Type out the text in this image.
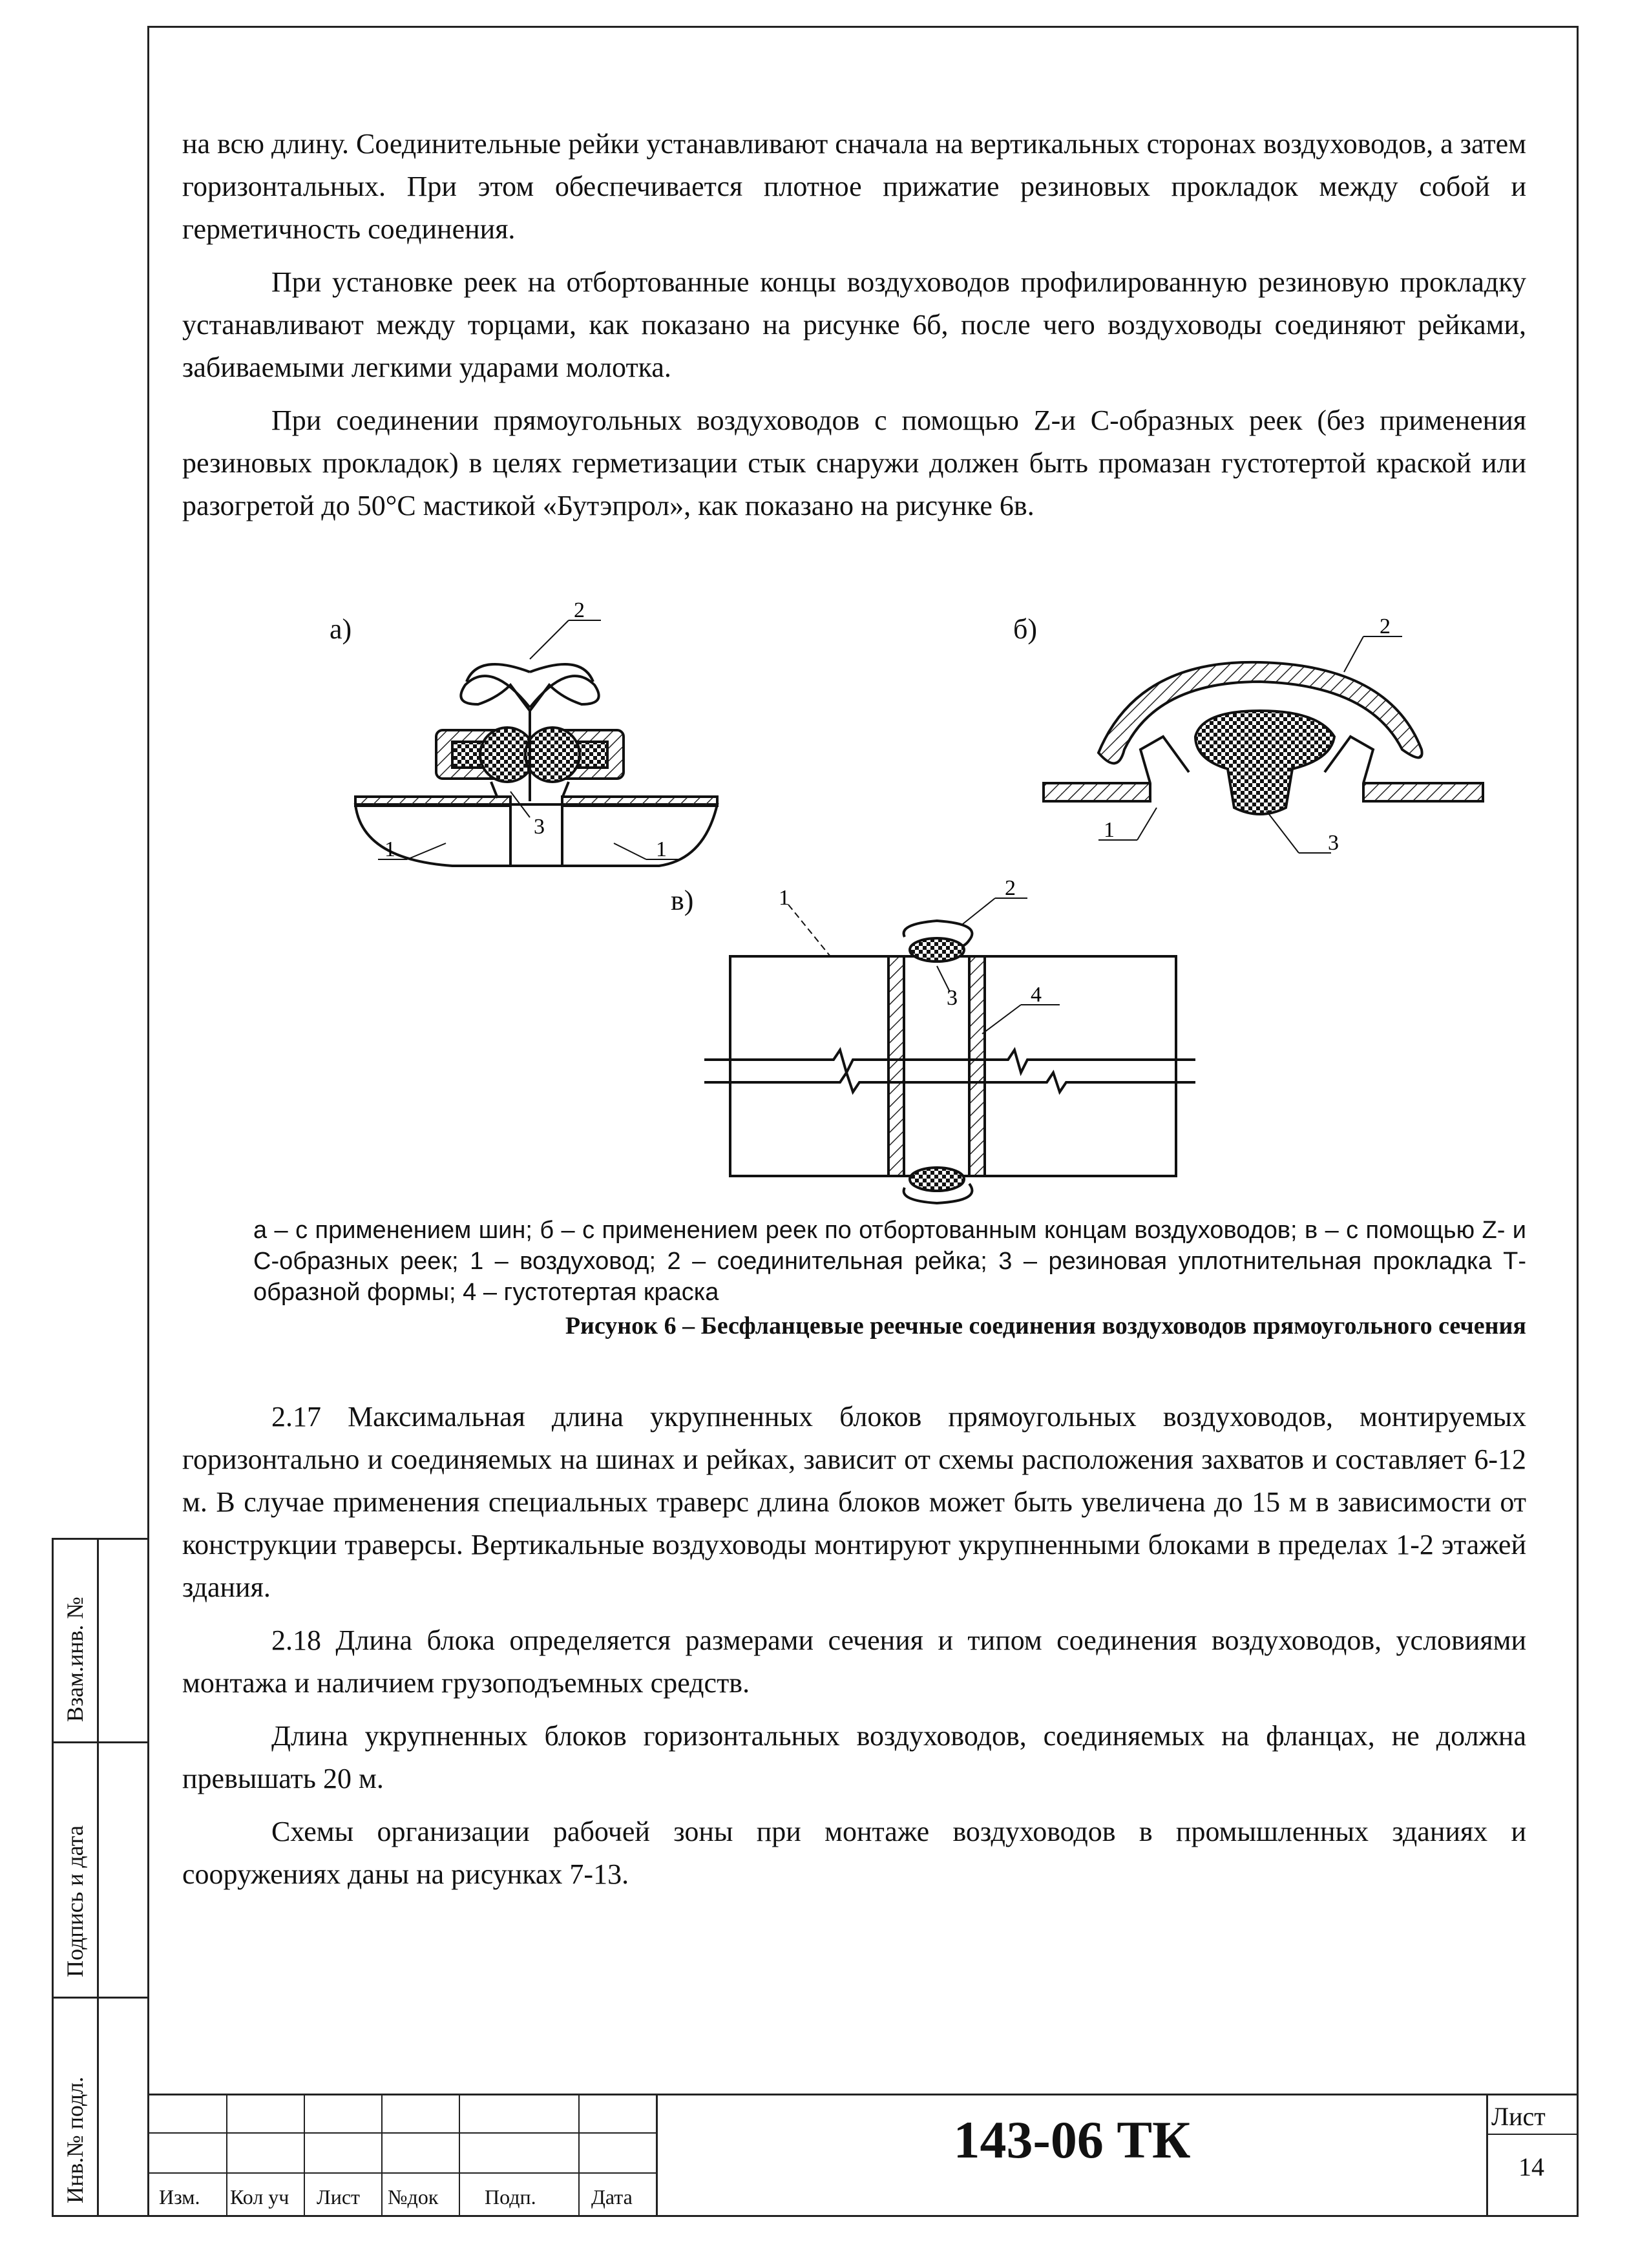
на всю длину. Соединительные рейки устанавливают сначала на вертикальных сторонах воздуховодов, а затем горизонтальных. При этом обеспечивается плотное прижатие резиновых прокладок между собой и герметичность соединения.

При установке реек на отбортованные концы воздуховодов профилированную резиновую прокладку устанавливают между торцами, как показано на рисунке 6б, после чего воздуховоды соединяют рейками, забиваемыми легкими ударами молотка.

При соединении прямоугольных воздуховодов с помощью Z-и С-образных реек (без применения резиновых прокладок) в целях герметизации стык снаружи должен быть промазан густотертой краской или разогретой до 50°С мастикой «Бутэпрол», как показано на рисунке 6в.

а)	б)
в)
2
3
1	1
2
1
3
1	2
3	4
а – с применением шин; б – с применением реек по отбортованным концам воздуховодов; в – с помощью Z- и С-образных реек; 1 – воздуховод; 2 – соединительная рейка; 3 – резиновая уплотнительная прокладка Т-образной формы; 4 – густотертая краска
Рисунок 6 – Бесфланцевые реечные соединения воздуховодов прямоугольного сечения

2.17 Максимальная длина укрупненных блоков прямоугольных воздуховодов, монтируемых горизонтально и соединяемых на шинах и рейках, зависит от схемы расположения захватов и составляет 6-12 м. В случае применения специальных траверс длина блоков может быть увеличена до 15 м в зависимости от конструкции траверсы. Вертикальные воздуховоды монтируют укрупненными блоками в пределах 1-2 этажей здания.

2.18 Длина блока определяется размерами сечения и типом соединения воздуховодов, условиями монтажа и наличием грузоподъемных средств.

Длина укрупненных блоков горизонтальных воздуховодов, соединяемых на фланцах, не должна превышать 20 м.

Схемы организации рабочей зоны при монтаже воздуховодов в промышленных зданиях и сооружениях даны на рисунках 7-13.

Взам.инв. №
Подпись и дата
Инв.№ подл.	Изм. Кол уч Лист №док Подп.	Дата
143-06 ТК	Лист
14
